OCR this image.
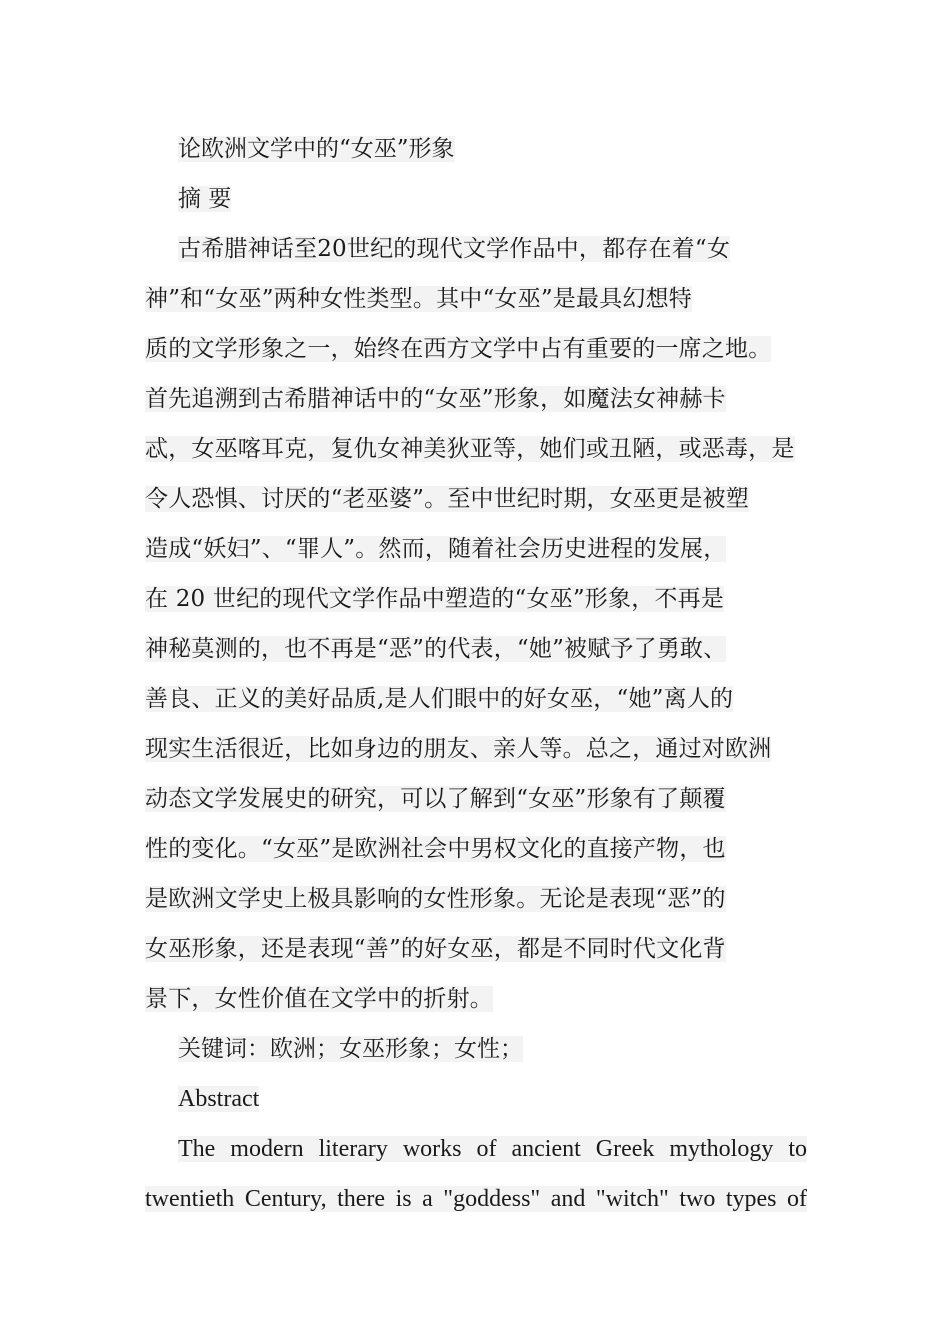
论欧洲文学中的“女巫”形象
摘 要
古希腊神话至20世纪的现代文学作品中，都存在着“女
神”和“女巫”两种女性类型。其中“女巫”是最具幻想特
质的文学形象之一，始终在西方文学中占有重要的一席之地。
首先追溯到古希腊神话中的“女巫”形象，如魔法女神赫卡
忒，女巫喀耳克，复仇女神美狄亚等，她们或丑陋，或恶毒，是
令人恐惧、讨厌的“老巫婆”。至中世纪时期，女巫更是被塑
造成“妖妇”、“罪人”。然而，随着社会历史进程的发展，
在 20 世纪的现代文学作品中塑造的“女巫”形象，不再是
神秘莫测的，也不再是“恶”的代表，“她”被赋予了勇敢、
善良、正义的美好品质,是人们眼中的好女巫，“她”离人的
现实生活很近，比如身边的朋友、亲人等。总之，通过对欧洲
动态文学发展史的研究，可以了解到“女巫”形象有了颠覆
性的变化。“女巫”是欧洲社会中男权文化的直接产物，也
是欧洲文学史上极具影响的女性形象。无论是表现“恶”的
女巫形象，还是表现“善”的好女巫，都是不同时代文化背
景下，女性价值在文学中的折射。
关键词：欧洲；女巫形象；女性；
Abstract
The modern literary works of ancient Greek mythology to
twentieth Century, there is a "goddess" and "witch" two types of
